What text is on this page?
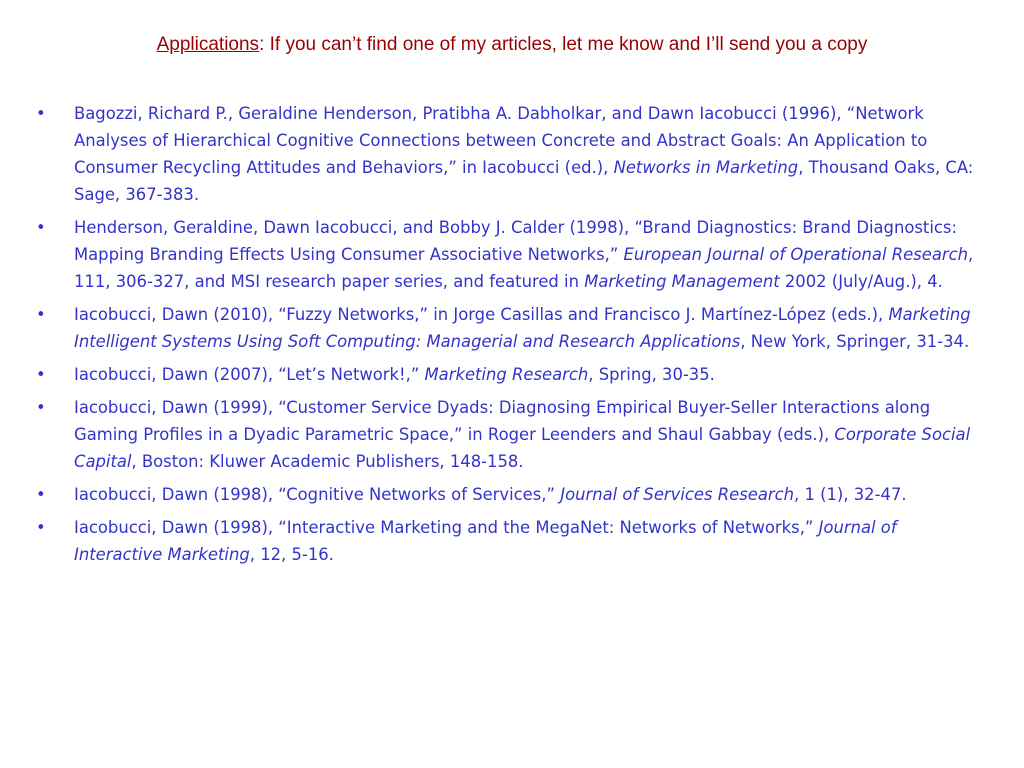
Applications: If you can’t find one of my articles, let me know and I’ll send you a copy
• Bagozzi, Richard P., Geraldine Henderson, Pratibha A. Dabholkar, and Dawn Iacobucci (1996), “Network Analyses of Hierarchical Cognitive Connections between Concrete and Abstract Goals: An Application to Consumer Recycling Attitudes and Behaviors,” in Iacobucci (ed.), Networks in Marketing, Thousand Oaks, CA: Sage, 367-383.
• Henderson, Geraldine, Dawn Iacobucci, and Bobby J. Calder (1998), “Brand Diagnostics: Brand Diagnostics: Mapping Branding Effects Using Consumer Associative Networks,” European Journal of Operational Research, 111, 306-327, and MSI research paper series, and featured in Marketing Management 2002 (July/Aug.), 4.
• Iacobucci, Dawn (2010), “Fuzzy Networks,” in Jorge Casillas and Francisco J. Martínez-López (eds.), Marketing Intelligent Systems Using Soft Computing: Managerial and Research Applications, New York, Springer, 31-34.
• Iacobucci, Dawn (2007), “Let’s Network!,” Marketing Research, Spring, 30-35.
• Iacobucci, Dawn (1999), “Customer Service Dyads: Diagnosing Empirical Buyer-Seller Interactions along Gaming Profiles in a Dyadic Parametric Space,” in Roger Leenders and Shaul Gabbay (eds.), Corporate Social Capital, Boston: Kluwer Academic Publishers, 148-158.
• Iacobucci, Dawn (1998), “Cognitive Networks of Services,” Journal of Services Research, 1 (1), 32-47.
• Iacobucci, Dawn (1998), “Interactive Marketing and the MegaNet: Networks of Networks,” Journal of Interactive Marketing, 12, 5-16.
